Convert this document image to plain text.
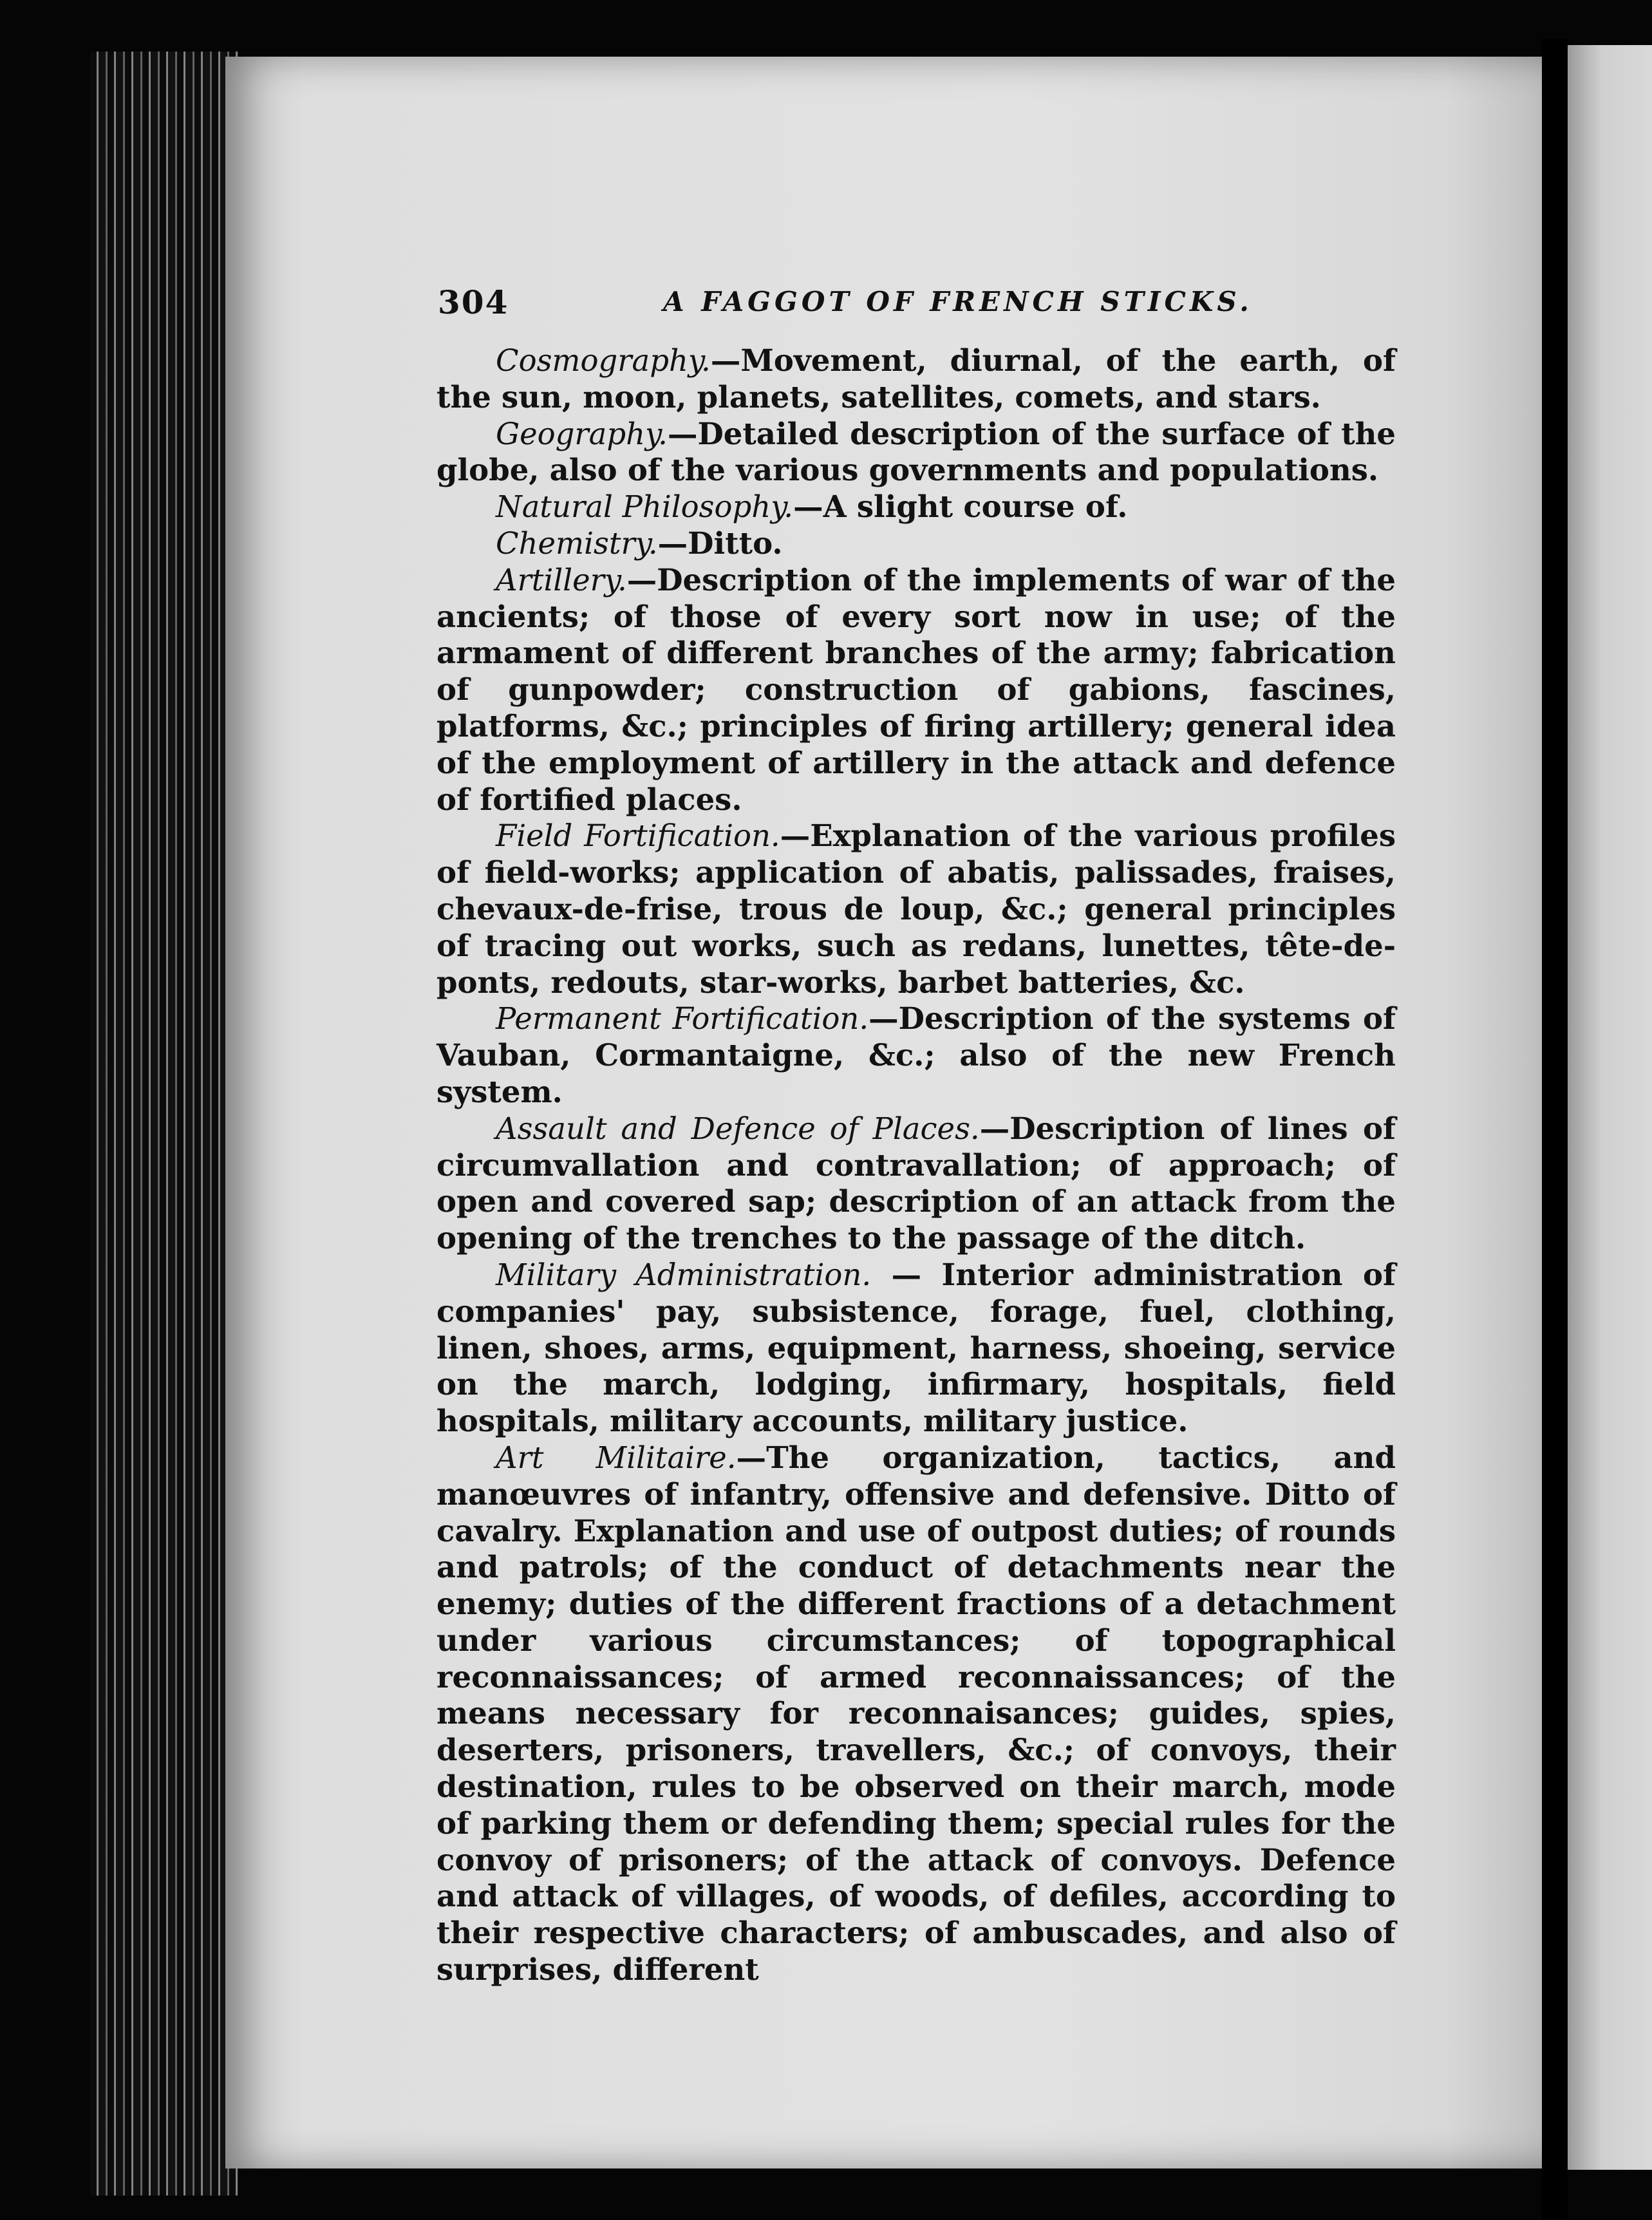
304	A FAGGOT OF FRENCH STICKS.

Cosmography.—Movement, diurnal, of the earth, of the sun, moon, planets, satellites, comets, and stars.

Geography.—Detailed description of the surface of the globe, also of the various governments and populations.

Natural Philosophy.—A slight course of.

Chemistry.—Ditto.

Artillery.—Description of the implements of war of the ancients; of those of every sort now in use; of the armament of different branches of the army; fabrication of gunpowder; construction of gabions, fascines, platforms, &c.; principles of firing artillery; general idea of the employment of artillery in the attack and defence of fortified places.

Field Fortification.—Explanation of the various profiles of field-works; application of abatis, palissades, fraises, chevaux-de-frise, trous de loup, &c.; general principles of tracing out works, such as redans, lunettes, tête-de-ponts, redouts, star-works, barbet batteries, &c.

Permanent Fortification.—Description of the systems of Vauban, Cormantaigne, &c.; also of the new French system.

Assault and Defence of Places.—Description of lines of circumvallation and contravallation; of approach; of open and covered sap; description of an attack from the opening of the trenches to the passage of the ditch.

Military Administration. — Interior administration of companies' pay, subsistence, forage, fuel, clothing, linen, shoes, arms, equipment, harness, shoeing, service on the march, lodging, infirmary, hospitals, field hospitals, military accounts, military justice.

Art Militaire.—The organization, tactics, and manœuvres of infantry, offensive and defensive. Ditto of cavalry. Explanation and use of outpost duties; of rounds and patrols; of the conduct of detachments near the enemy; duties of the different fractions of a detachment under various circumstances; of topographical reconnaissances; of armed reconnaissances; of the means necessary for reconnaisances; guides, spies, deserters, prisoners, travellers, &c.; of convoys, their destination, rules to be observed on their march, mode of parking them or defending them; special rules for the convoy of prisoners; of the attack of convoys. Defence and attack of villages, of woods, of defiles, according to their respective characters; of ambuscades, and also of surprises, different
